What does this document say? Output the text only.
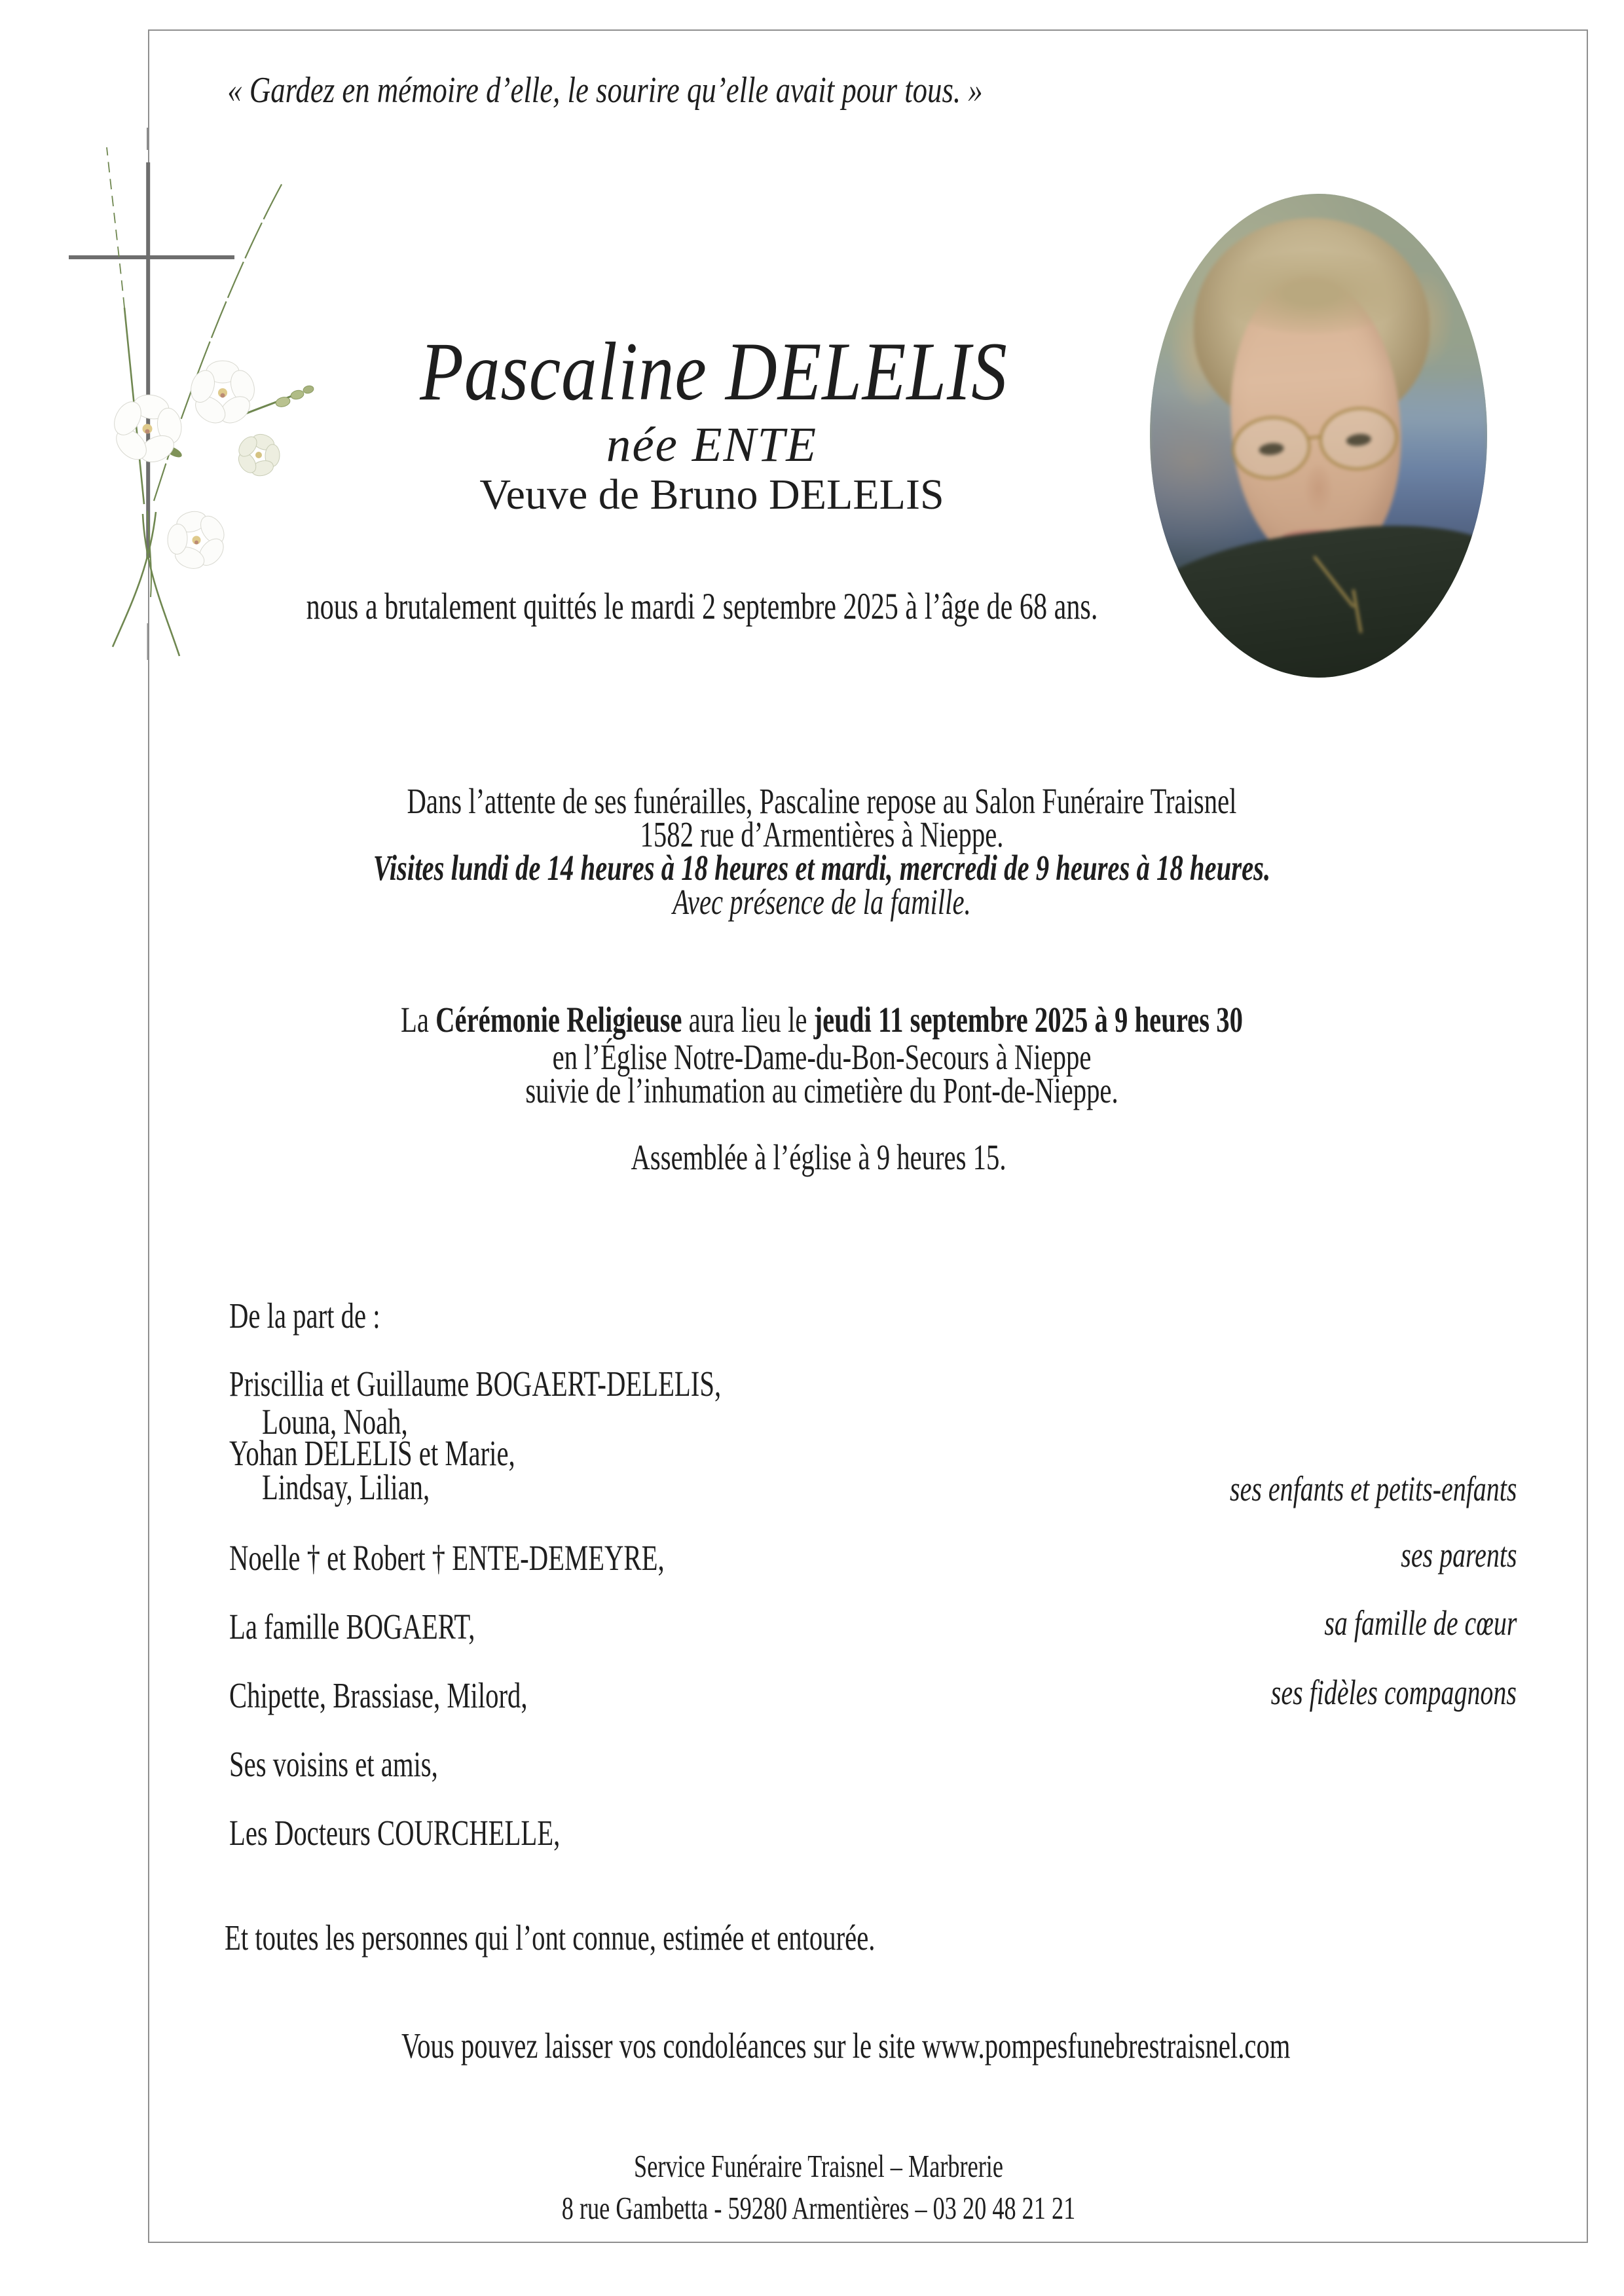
« Gardez en mémoire d’elle, le sourire qu’elle avait pour tous. »
Pascaline DELELIS
née ENTE
Veuve de Bruno DELELIS
nous a brutalement quittés le mardi 2 septembre 2025 à l’âge de 68 ans.
Dans l’attente de ses funérailles, Pascaline repose au Salon Funéraire Traisnel
1582 rue d’Armentières à Nieppe.
Visites lundi de 14 heures à 18 heures et mardi, mercredi de 9 heures à 18 heures.
Avec présence de la famille.
La Cérémonie Religieuse aura lieu le jeudi 11 septembre 2025 à 9 heures 30
en l’Église Notre-Dame-du-Bon-Secours à Nieppe
suivie de l’inhumation au cimetière du Pont-de-Nieppe.
Assemblée à l’église à 9 heures 15.
De la part de :
Priscillia et Guillaume BOGAERT-DELELIS,
Louna, Noah,
Yohan DELELIS et Marie,
Lindsay, Lilian,
Noelle † et Robert † ENTE-DEMEYRE,
La famille BOGAERT,
Chipette, Brassiase, Milord,
Ses voisins et amis,
Les Docteurs COURCHELLE,
ses enfants et petits-enfants
ses parents
sa famille de cœur
ses fidèles compagnons
Et toutes les personnes qui l’ont connue, estimée et entourée.
Vous pouvez laisser vos condoléances sur le site www.pompesfunebrestraisnel.com
Service Funéraire Traisnel – Marbrerie
8 rue Gambetta - 59280 Armentières – 03 20 48 21 21
